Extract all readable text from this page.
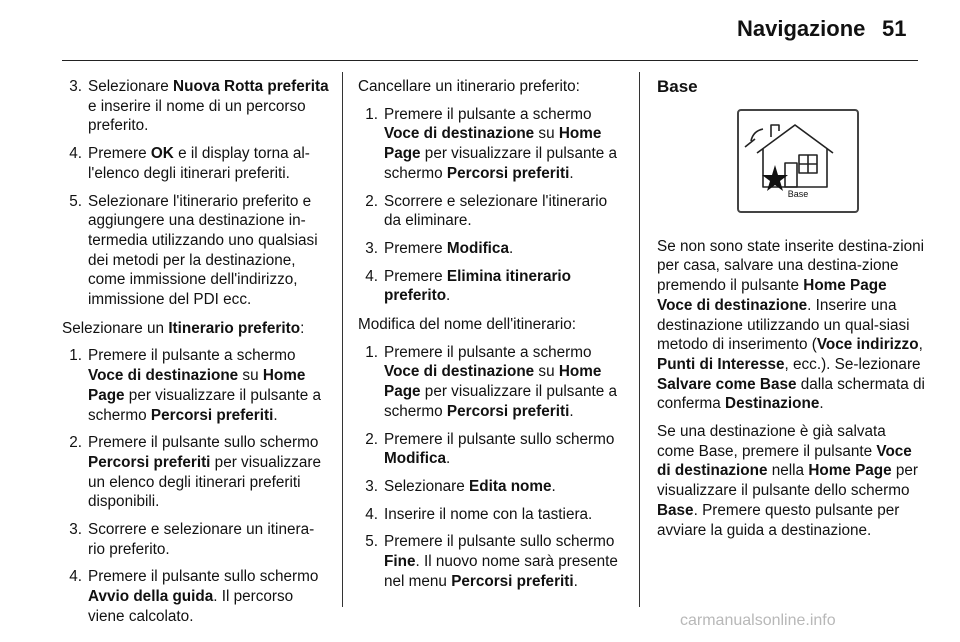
Navigazione 51
3. Selezionare Nuova Rotta preferita e inserire il nome di un percorso preferito.
4. Premere OK e il display torna al-l'elenco degli itinerari preferiti.
5. Selezionare l'itinerario preferito e aggiungere una destinazione in-termedia utilizzando uno qualsiasi dei metodi per la destinazione, come immissione dell'indirizzo, immissione del PDI ecc.

Selezionare un Itinerario preferito:

1. Premere il pulsante a schermo Voce di destinazione su Home Page per visualizzare il pulsante a schermo Percorsi preferiti.
2. Premere il pulsante sullo schermo Percorsi preferiti per visualizzare un elenco degli itinerari preferiti disponibili.
3. Scorrere e selezionare un itinera-rio preferito.
4. Premere il pulsante sullo schermo Avvio della guida. Il percorso viene calcolato.

Cancellare un itinerario preferito:

1. Premere il pulsante a schermo Voce di destinazione su Home Page per visualizzare il pulsante a schermo Percorsi preferiti.
2. Scorrere e selezionare l'itinerario da eliminare.
3. Premere Modifica.
4. Premere Elimina itinerario preferito.

Modifica del nome dell'itinerario:

1. Premere il pulsante a schermo Voce di destinazione su Home Page per visualizzare il pulsante a schermo Percorsi preferiti.
2. Premere il pulsante sullo schermo Modifica.
3. Selezionare Edita nome.
4. Inserire il nome con la tastiera.
5. Premere il pulsante sullo schermo Fine. Il nuovo nome sarà presente nel menu Percorsi preferiti.
Base
Base

Se non sono state inserite destina-zioni per casa, salvare una destina-zione premendo il pulsante Home Page Voce di destinazione. Inserire una destinazione utilizzando un qual-siasi metodo di inserimento (Voce indirizzo, Punti di Interesse, ecc.). Se-lezionare Salvare come Base dalla schermata di conferma Destinazione.

Se una destinazione è già salvata come Base, premere il pulsante Voce di destinazione nella Home Page per visualizzare il pulsante dello schermo Base. Premere questo pulsante per avviare la guida a destinazione.

carmanualsonline.info
